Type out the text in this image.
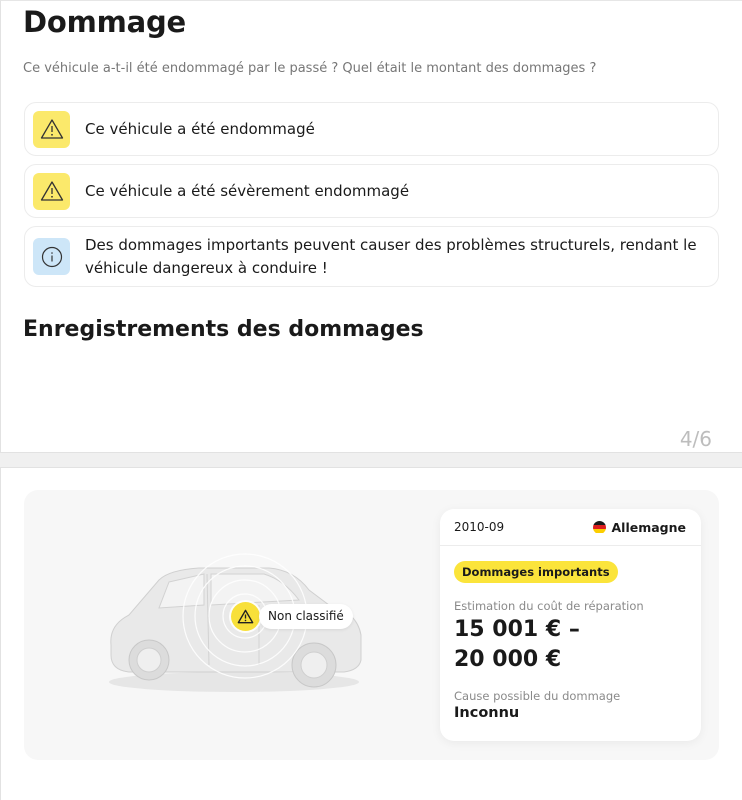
Dommage

Ce véhicule a-t-il été endommagé par le passé ? Quel était le montant des dommages ?

Ce véhicule a été endommagé
Ce véhicule a été sévèrement endommagé
Des dommages importants peuvent causer des problèmes structurels, rendant le véhicule dangereux à conduire !
Enregistrements des dommages
4/6
Non classifié
2010-09	Allemagne
Dommages importants
Estimation du coût de réparation
15 001 € –
20 000 €
Cause possible du dommage
Inconnu
